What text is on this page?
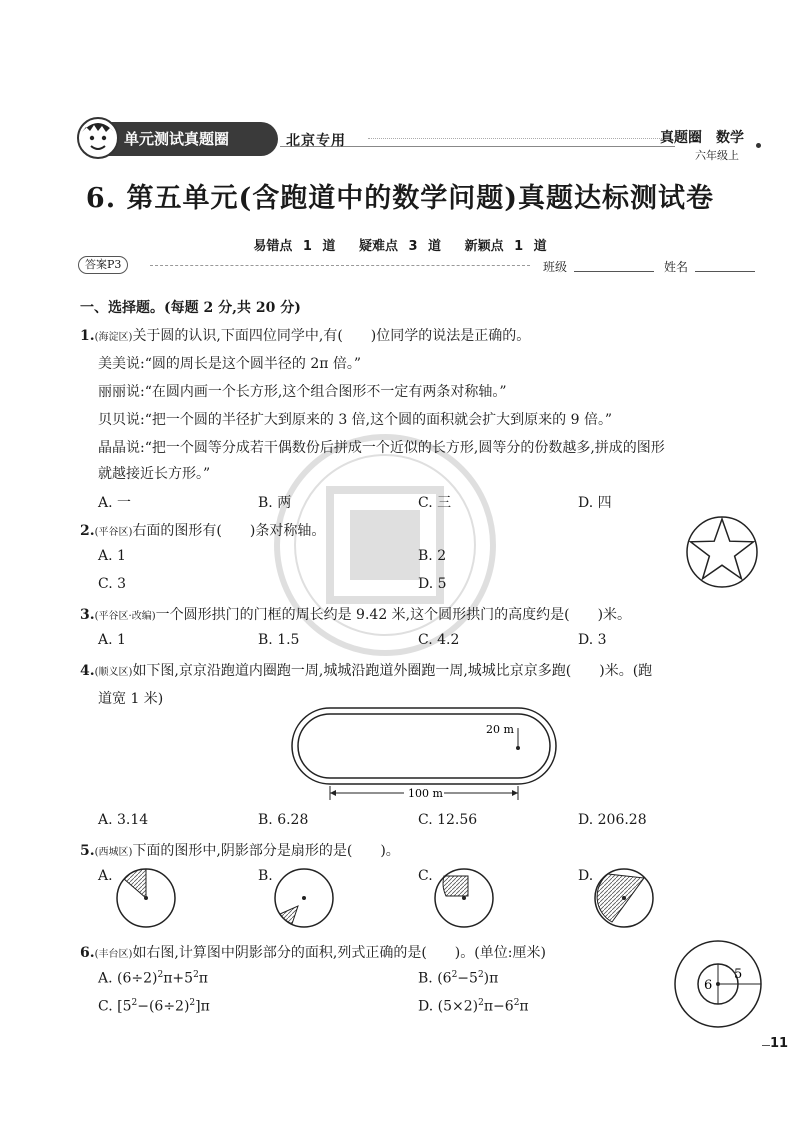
单元测试真题圈	北京专用	真题圈　数学
六年级上
6. 第五单元(含跑道中的数学问题)真题达标测试卷
易错点 1 道　 疑难点 3 道　 新颖点 1 道
答案P3	班级	姓名
一、选择题。(每题 2 分,共 20 分)
1.(海淀区)关于圆的认识,下面四位同学中,有(　　)位同学的说法是正确的。
美美说:“圆的周长是这个圆半径的 2π 倍。”
丽丽说:“在圆内画一个长方形,这个组合图形不一定有两条对称轴。”
贝贝说:“把一个圆的半径扩大到原来的 3 倍,这个圆的面积就会扩大到原来的 9 倍。”
晶晶说:“把一个圆等分成若干偶数份后拼成一个近似的长方形,圆等分的份数越多,拼成的图形
就越接近长方形。”
A. 一	B. 两	C. 三	D. 四
2.(平谷区)右面的图形有(　　)条对称轴。
A. 1	B. 2
C. 3	D. 5
3.(平谷区·改编)一个圆形拱门的门框的周长约是 9.42 米,这个圆形拱门的高度约是(　　)米。
A. 1	B. 1.5	C. 4.2	D. 3
4.(顺义区)如下图,京京沿跑道内圈跑一周,城城沿跑道外圈跑一周,城城比京京多跑(　　)米。(跑
道宽 1 米)
20 m
100 m
A. 3.14	B. 6.28	C. 12.56	D. 206.28
5.(西城区)下面的图形中,阴影部分是扇形的是(　　)。
A.	B.	C.	D.
6.(丰台区)如右图,计算图中阴影部分的面积,列式正确的是(　　)。(单位:厘米)
A. $(6\div 2)^2\pi+5^2\pi$	B. $(6^2-5^2)\pi$
C. $[5^2-(6\div 2)^2]\pi$	D. $(5\times 2)^2\pi-6^2\pi$
6
5
11
